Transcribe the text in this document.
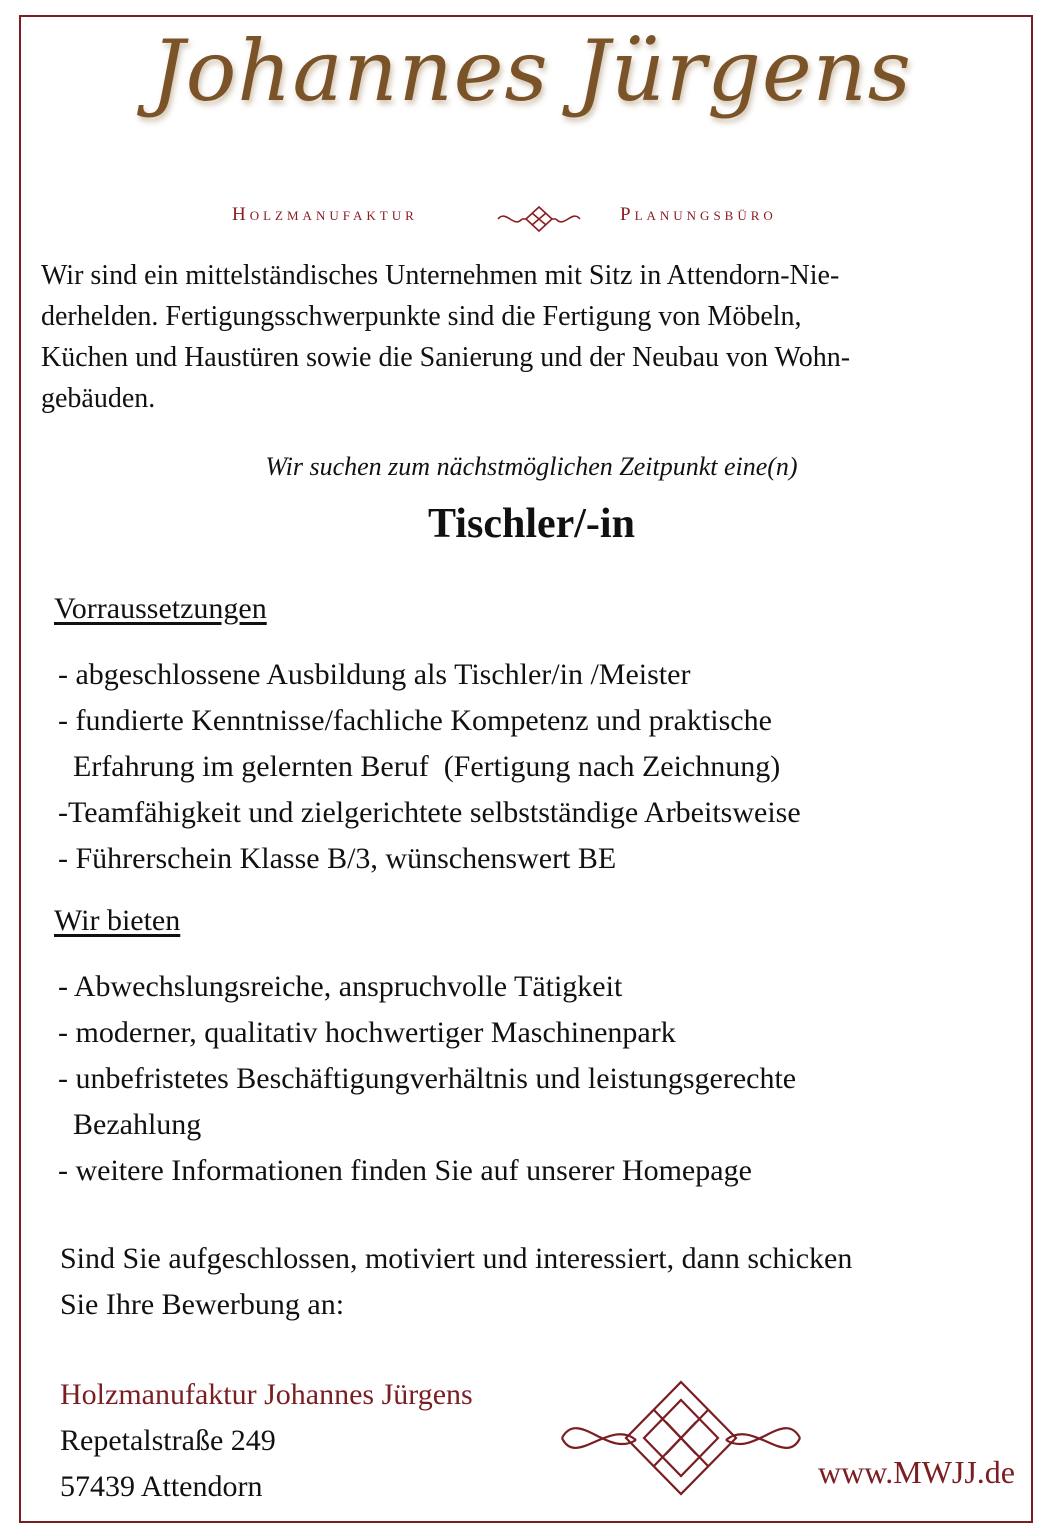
Johannes Jürgens
Holzmanufaktur	Planungsbüro

Wir sind ein mittelständisches Unternehmen mit Sitz in Attendorn-Nie-

derhelden. Fertigungsschwerpunkte sind die Fertigung von Möbeln,

Küchen und Haustüren sowie die Sanierung und der Neubau von Wohn-

gebäuden.

Wir suchen zum nächstmöglichen Zeitpunkt eine(n)
Tischler/-in
Vorraussetzungen
- abgeschlossene Ausbildung als Tischler/in /Meister
- fundierte Kenntnisse/fachliche Kompetenz und praktische
Erfahrung im gelernten Beruf  (Fertigung nach Zeichnung)
-Teamfähigkeit und zielgerichtete selbstständige Arbeitsweise
- Führerschein Klasse B/3, wünschenswert BE
Wir bieten
- Abwechslungsreiche, anspruchvolle Tätigkeit
- moderner, qualitativ hochwertiger Maschinenpark
- unbefristetes Beschäftigungverhältnis und leistungsgerechte
Bezahlung
- weitere Informationen finden Sie auf unserer Homepage
Sind Sie aufgeschlossen, motiviert und interessiert, dann schicken
Sie Ihre Bewerbung an:
Holzmanufaktur Johannes Jürgens
Repetalstraße 249
57439 Attendorn	www.MWJJ.de
